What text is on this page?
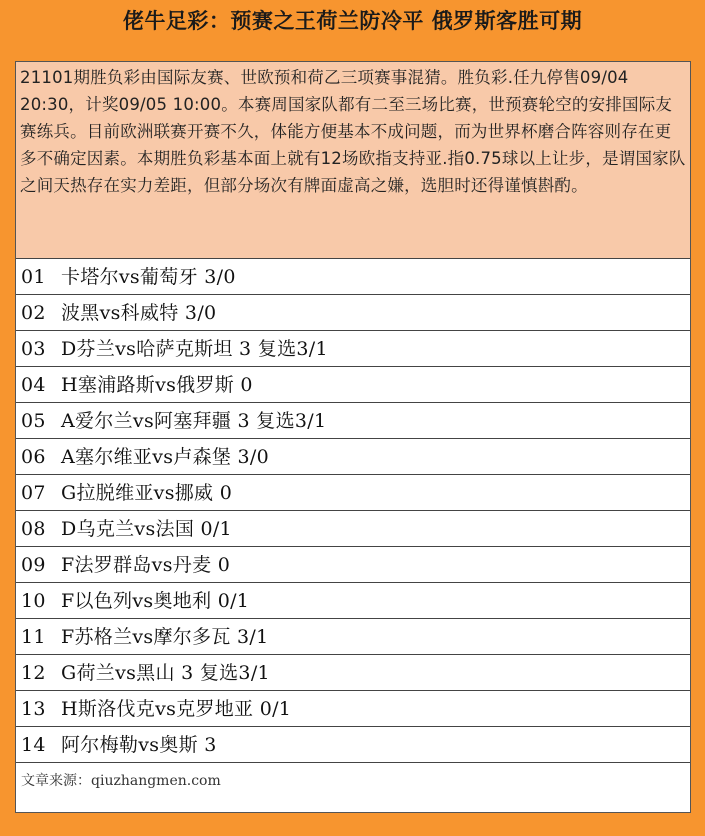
佬牛足彩：预赛之王荷兰防冷平 俄罗斯客胜可期
21101期胜负彩由国际友赛、世欧预和荷乙三项赛事混猜。胜负彩.任九停售09/04 20:30，计奖09/05 10:00。本赛周国家队都有二至三场比赛，世预赛轮空的安排国际友赛练兵。目前欧洲联赛开赛不久，体能方便基本不成问题，而为世界杯磨合阵容则存在更多不确定因素。本期胜负彩基本面上就有12场欧指支持亚.指0.75球以上让步，是谓国家队之间天热存在实力差距，但部分场次有牌面虚高之嫌，选胆时还得谨慎斟酌。
01 卡塔尔vs葡萄牙 3/0
02 波黑vs科威特 3/0
03 D芬兰vs哈萨克斯坦 3 复选3/1
04 H塞浦路斯vs俄罗斯 0
05 A爱尔兰vs阿塞拜疆 3 复选3/1
06 A塞尔维亚vs卢森堡 3/0
07 G拉脱维亚vs挪威 0
08 D乌克兰vs法国 0/1
09 F法罗群岛vs丹麦 0
10 F以色列vs奥地利 0/1
11 F苏格兰vs摩尔多瓦 3/1
12 G荷兰vs黑山 3 复选3/1
13 H斯洛伐克vs克罗地亚 0/1
14 阿尔梅勒vs奥斯 3
文章来源：qiuzhangmen.com
